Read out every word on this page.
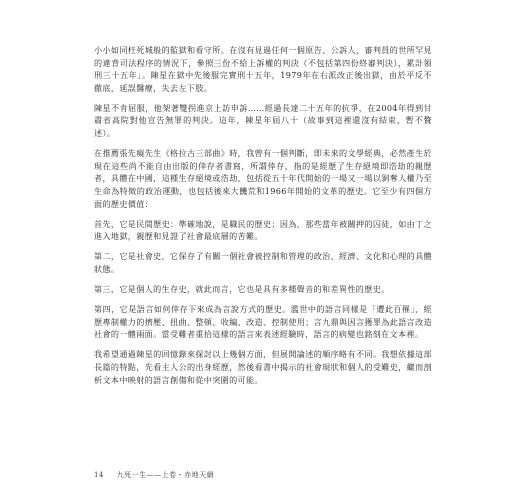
小小如同枉死城般的監獄和看守所。在沒有見過任何一個原告、公訴人，審判員的世所罕見的違背司法程序的情況下，參照三份不給上訴權的判決（不包括第四份終審判決），累計領刑三十五年」。陳星在獄中先後服完實刑十五年，1979年在右派改正後出獄，由於平反不徹底，延誤醫療，失去左下肢。

陳星不肯屈服，他架著雙拐進京上訪申訴……經過長達二十五年的抗爭，在2004年得到甘肅省高院對他宣告無罪的判決。這年，陳星年屆八十（故事到這裡還沒有結束，暫不贅述）。

在推薦張先癡先生《格拉古三部曲》時，我曾有一個判斷，即未來的文學經典，必然產生於現在這些尚不能自由出版的倖存者書寫，所謂倖存，指的是經歷了生存絕境即浩劫的親歷者，具體在中國，這種生存絕境或浩劫，包括從五十年代開始的一場又一場以剝奪人權乃至生命為特徵的政治運動，也包括後來大饑荒和1966年開始的文革的歷史。它至少有四個方面的歷史價值：

首先，它是民間歷史：準確地說，是職民的歷史；因為，那些當年被關押的囚徒，如由丁之進入地獄，親歷和見證了社會最底層的苦難。

第二，它是社會史，它保存了有關一個社會被控制和管理的政治、經濟、文化和心理的具體狀態。

第三，它是個人的生存史，就此而言，它也是具有多種聲音的和差異性的歷史。

第四，它是語言如何倖存下來成為言說方式的歷史。濫世中的語言同樣是「遭此百罹」，經歷專制權力的擠壓、扭曲、整頓、收編、改造、控制使用；言九鼎與因言獲罪為此語言改造社會的一體兩面。當受難者重拾這樣的語言來表述經驗時，語言的病變也銘刻在文本裡。

我希望通過陳星的回憶錄來探討以上幾個方面，但展開論述的順序略有不同。我想依據這部長篇的特點，先看主人公的出身經歷，然後看書中揭示的社會現狀和個人的受難史，繼而剖析文本中映射的語言創傷和從中突圍的可能。

14 九死一生——上卷・赤地天網
